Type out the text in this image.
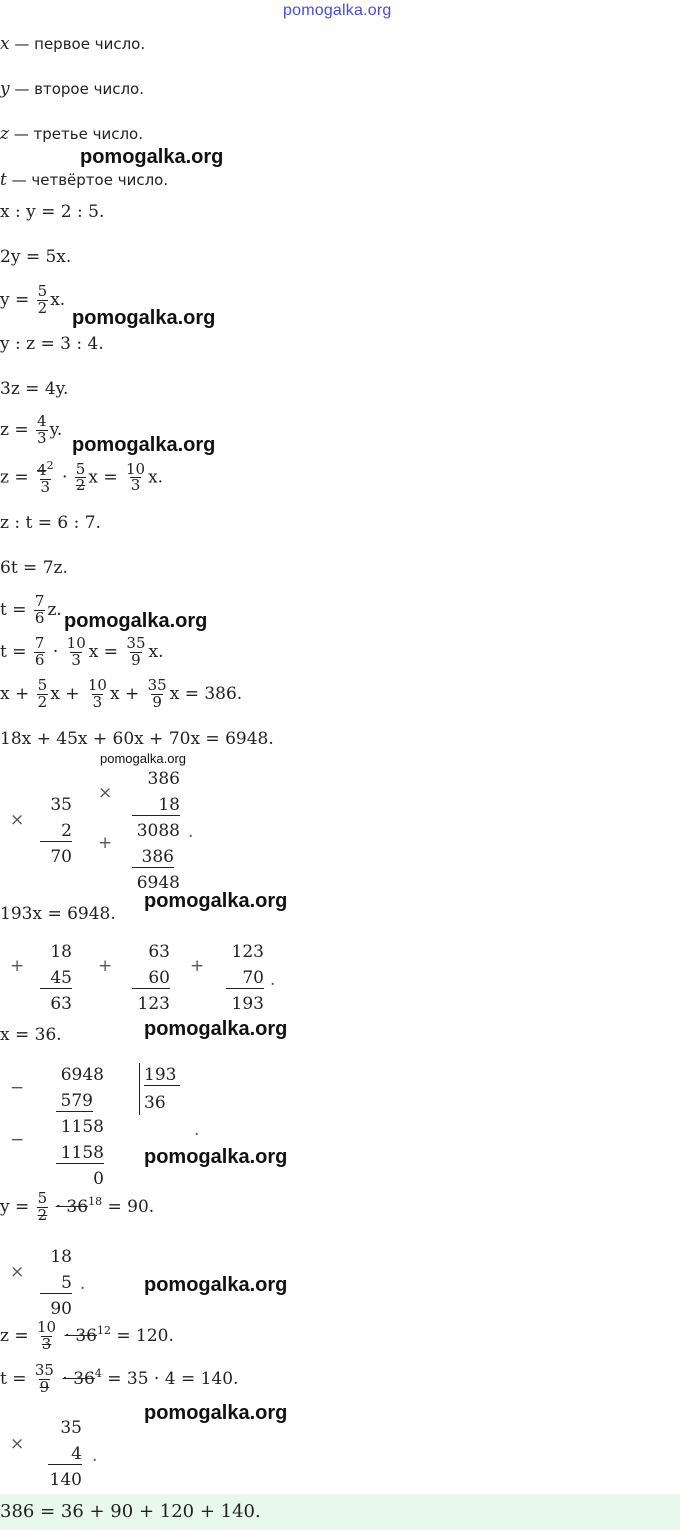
pomogalka.org
x — первое число.
y — второе число.
z — третье число.
pomogalka.org
t — четвёртое число.
x : y = 2 : 5.
2y = 5x.
$y = \frac{5}{2} x$.
pomogalka.org
y : z = 3 : 4.
3z = 4y.
$z = \frac{4}{3} y$.
pomogalka.org
$z = \frac{4^2}{3} \cdot \frac{5}{2}$ $x = \frac{10}{3} x$.
z : t = 6 : 7.
6t = 7z.
$t = \frac{7}{6} z$.
pomogalka.org
$t = \frac{7}{6} \cdot \frac{10}{3}$ $x = \frac{35}{9} x$.
$x + \frac{5}{2}$ $x + \frac{10}{3}$ $x + \frac{35}{9}$ x = 386.
18x + 45x + 60x + 70x = 6948.
pomogalka.org
×
35
2
70
×
386
18
3088
+
386
6948
.
193x = 6948.
pomogalka.org
+
18
45
63
+
63
60
123
+
123
70
193
.
x = 36.	pomogalka.org
−
6948
579
−
1158
1158
0
193
36
.
pomogalka.org
$y = \frac{5}{2} \cdot 36^{18} = 90$.
×
18
5
90
.	pomogalka.org
$z = \frac{10}{3} \cdot 36^{12} = 120$.
$t = \frac{35}{9} \cdot 36^4 = 35 \cdot 4 = 140$.
pomogalka.org
×
35
4
140
.
386 = 36 + 90 + 120 + 140.
